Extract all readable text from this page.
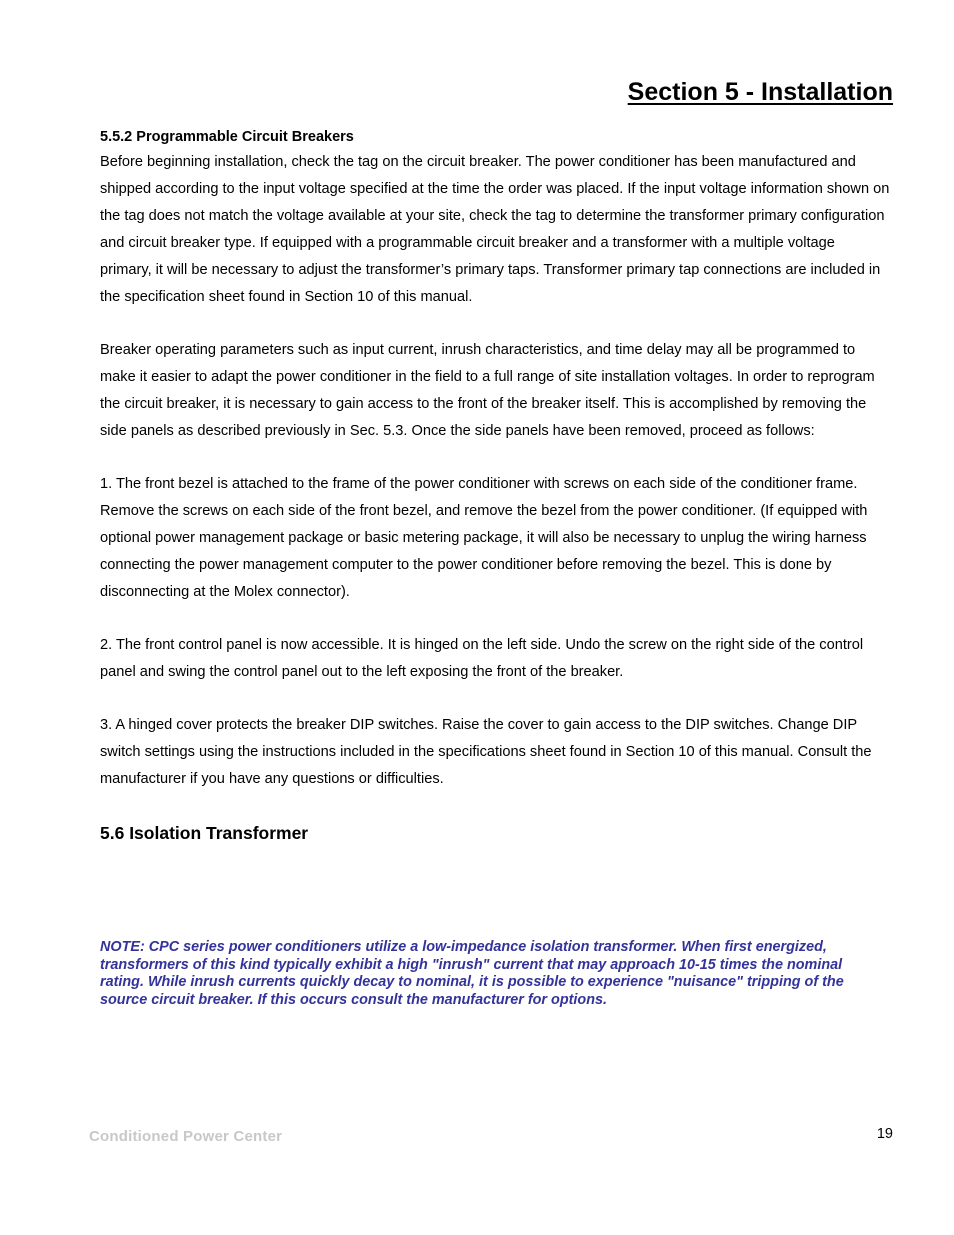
Section 5 - Installation

5.5.2 Programmable Circuit Breakers

Before beginning installation, check the tag on the circuit breaker. The power conditioner has been manufactured and shipped according to the input voltage specified at the time the order was placed. If the input voltage information shown on the tag does not match the voltage available at your site, check the tag to determine the transformer primary configuration and circuit breaker type. If equipped with a programmable circuit breaker and a transformer with a multiple voltage primary, it will be necessary to adjust the transformer’s primary taps. Transformer primary tap connections are included in the specification sheet found in Section 10 of this manual.

Breaker operating parameters such as input current, inrush characteristics, and time delay may all be programmed to make it easier to adapt the power conditioner in the field to a full range of site installation voltages. In order to reprogram the circuit breaker, it is necessary to gain access to the front of the breaker itself. This is accomplished by removing the side panels as described previously in Sec. 5.3. Once the side panels have been removed, proceed as follows:

1. The front bezel is attached to the frame of the power conditioner with screws on each side of the conditioner frame. Remove the screws on each side of the front bezel, and remove the bezel from the power conditioner. (If equipped with optional power management package or basic metering package, it will also be necessary to unplug the wiring harness connecting the power management computer to the power conditioner before removing the bezel. This is done by disconnecting at the Molex connector).

2. The front control panel is now accessible. It is hinged on the left side. Undo the screw on the right side of the control panel and swing the control panel out to the left exposing the front of the breaker.

3. A hinged cover protects the breaker DIP switches. Raise the cover to gain access to the DIP switches. Change DIP switch settings using the instructions included in the specifications sheet found in Section 10 of this manual. Consult the manufacturer if you have any questions or difficulties.

5.6 Isolation Transformer

NOTE: CPC series power conditioners utilize a low-impedance isolation transformer. When first energized, transformers of this kind typically exhibit a high "inrush" current that may approach 10-15 times the nominal rating. While inrush currents quickly decay to nominal, it is possible to experience "nuisance" tripping of the source circuit breaker. If this occurs consult the manufacturer for options.

Conditioned Power Center	19
